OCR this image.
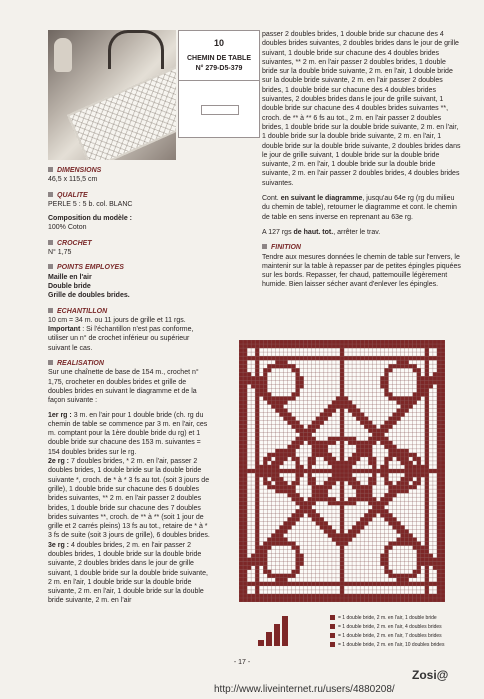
10
CHEMIN DE TABLE
N° 279-D5-379
DIMENSIONS

46,5 x 115,5 cm

QUALITE

PERLE 5 : 5 b. col. BLANC

Composition du modèle :

100% Coton

CROCHET

N° 1,75

POINTS EMPLOYES

Maille en l'air

Double bride

Grille de doubles brides.

ECHANTILLON

10 cm = 34 m. ou 11 jours de grille et 11 rgs.

Important : Si l'échantillon n'est pas conforme, utiliser un n° de crochet inférieur ou supérieur suivant le cas.

REALISATION

Sur une chaînette de base de 154 m., crochet n° 1,75, crocheter en doubles brides et grille de doubles brides en suivant le diagramme et de la façon suivante :

1er rg : 3 m. en l'air pour 1 double bride (ch. rg du chemin de table se commence par 3 m. en l'air, ces m. comptant pour la 1ère double bride du rg) et 1 double bride sur chacune des 153 m. suivantes = 154 doubles brides sur le rg.

2e rg : 7 doubles brides, * 2 m. en l'air, passer 2 doubles brides, 1 double bride sur la double bride suivante *, croch. de * à * 3 fs au tot. (soit 3 jours de grille), 1 double bride sur chacune des 6 doubles brides suivantes, ** 2 m. en l'air passer 2 doubles brides, 1 double bride sur chacune des 7 doubles brides suivantes **, croch. de ** à ** (soit 1 jour de grille et 2 carrés pleins) 13 fs au tot., retaire de * à * 3 fs de suite (soit 3 jours de grille), 6 doubles brides.

3e rg : 4 doubles brides, 2 m. en l'air passer 2 doubles brides, 1 double bride sur la double bride suivante, 2 doubles brides dans le jour de grille suivant, 1 double bride sur la double bride suivante, 2 m. en l'air, 1 double bride sur la double bride suivante, 2 m. en l'air, 1 double bride sur la double bride suivante, 2 m. en l'air

passer 2 doubles brides, 1 double bride sur chacune des 4 doubles brides suivantes, 2 doubles brides dans le jour de grille suivant, 1 double bride sur chacune des 4 doubles brides suivantes, ** 2 m. en l'air passer 2 doubles brides, 1 double bride sur la double bride suivante, 2 m. en l'air, 1 double bride sur la double bride suivante, 2 m. en l'air passer 2 doubles brides, 1 double bride sur chacune des 4 doubles brides suivantes, 2 doubles brides dans le jour de grille suivant, 1 double bride sur chacune des 4 doubles brides suivantes **, croch. de ** à ** 6 fs au tot., 2 m. en l'air passer 2 doubles brides, 1 double bride sur la double bride suivante, 2 m. en l'air, 1 double bride sur la double bride suivante, 2 m. en l'air, 1 double bride sur la double bride suivante, 2 doubles brides dans le jour de grille suivant, 1 double bride sur la double bride suivante, 2 m. en l'air, 1 double bride sur la double bride suivante, 2 m. en l'air passer 2 doubles brides, 4 doubles brides suivantes.

Cont. en suivant le diagramme, jusqu'au 64e rg (rg du milieu du chemin de table), retourner le diagramme et cont. le chemin de table en sens inverse en reprenant au 63e rg.

A 127 rgs de haut. tot., arrêter le trav.

FINITION

Tendre aux mesures données le chemin de table sur l'envers, le maintenir sur la table à repasser par de petites épingles piquées sur les bords. Repasser, fer chaud, pattemouille légèrement humide. Bien laisser sécher avant d'enlever les épingles.

= 1 double bride, 2 m. en l'air, 1 double bride
= 1 double bride, 2 m. en l'air, 4 doubles brides
= 1 double bride, 2 m. en l'air, 7 doubles brides
= 1 double bride, 2 m. en l'air, 10 doubles brides
- 17 -
Zosi@
http://www.liveinternet.ru/users/4880208/
